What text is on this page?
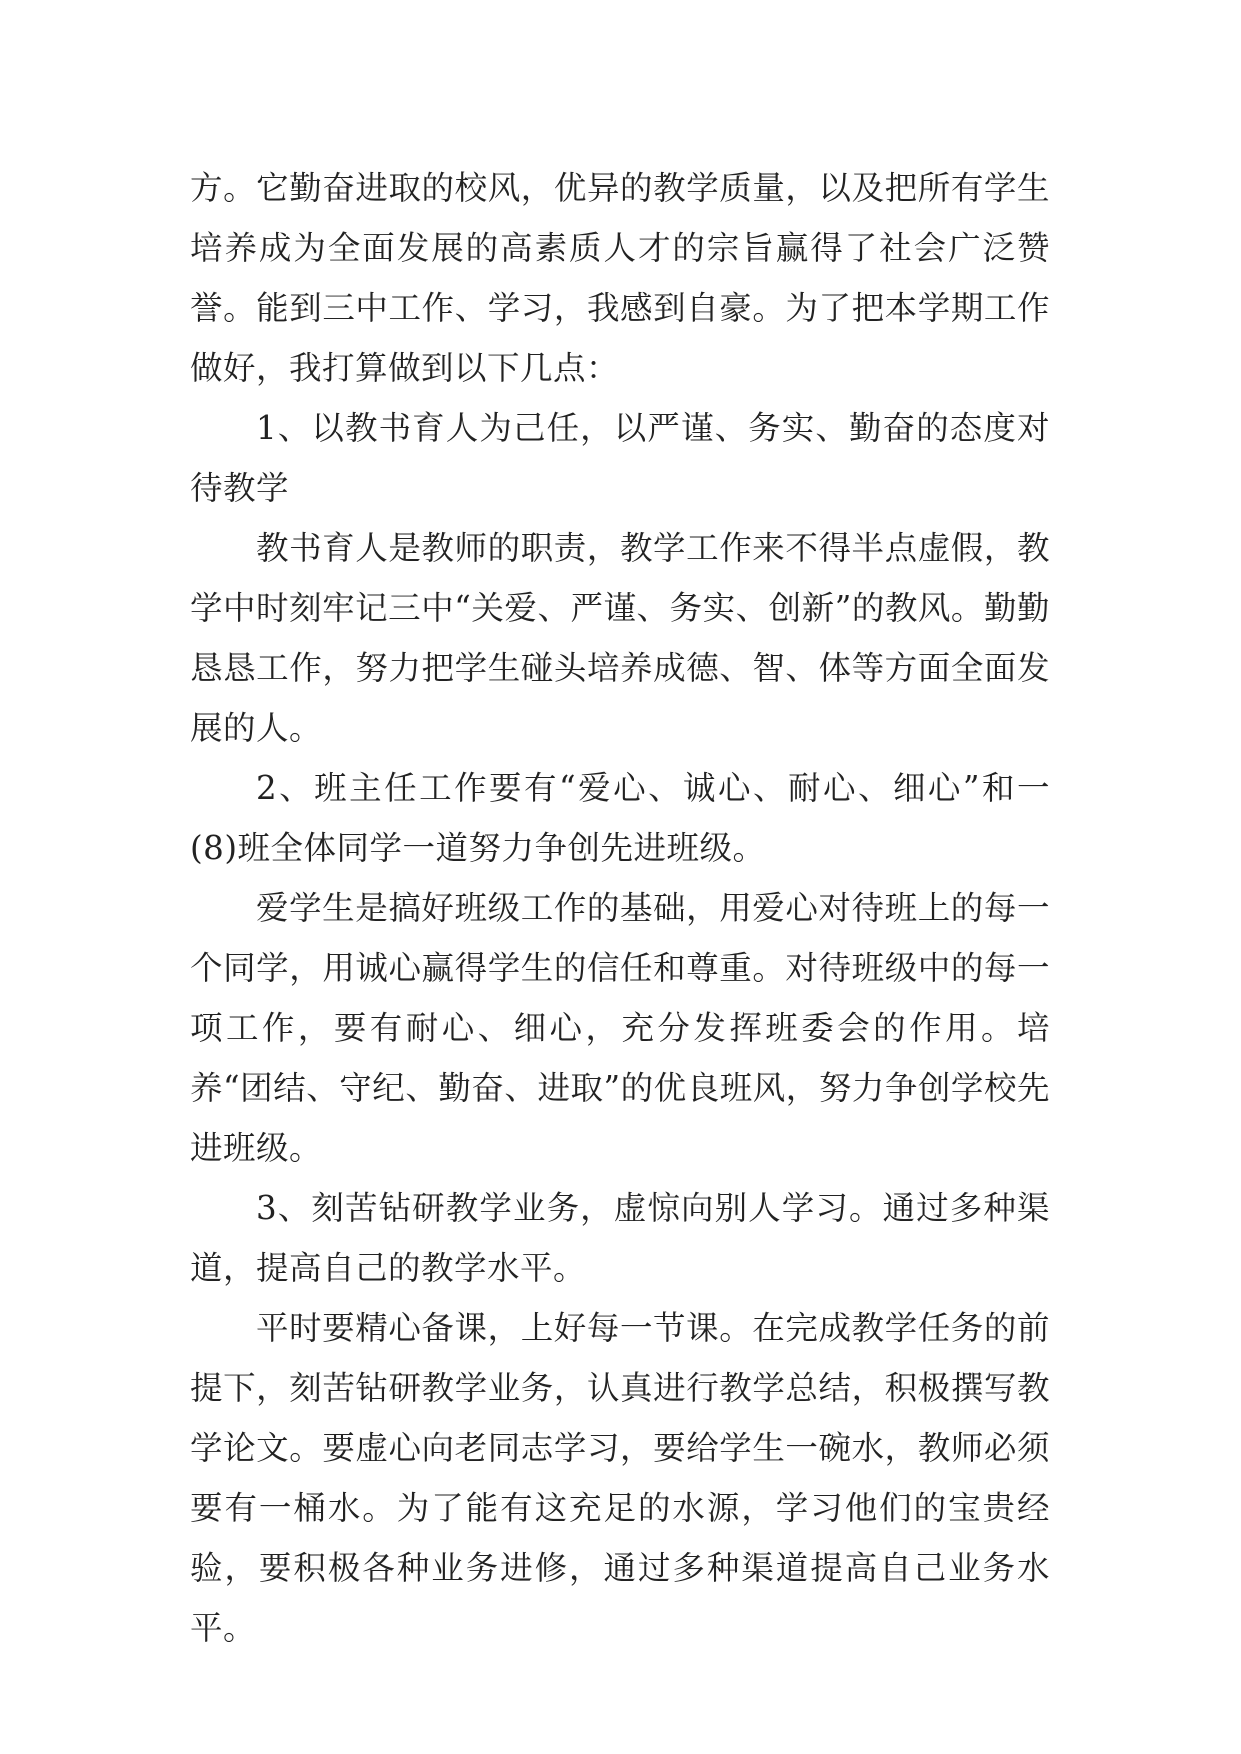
方。它勤奋进取的校风，优异的教学质量，以及把所有学生培养成为全面发展的高素质人才的宗旨赢得了社会广泛赞誉。能到三中工作、学习，我感到自豪。为了把本学期工作做好，我打算做到以下几点：

1、以教书育人为己任，以严谨、务实、勤奋的态度对待教学

教书育人是教师的职责，教学工作来不得半点虚假，教学中时刻牢记三中“关爱、严谨、务实、创新”的教风。勤勤恳恳工作，努力把学生碰头培养成德、智、体等方面全面发展的人。

2、班主任工作要有“爱心、诚心、耐心、细心”和一(8)班全体同学一道努力争创先进班级。

爱学生是搞好班级工作的基础，用爱心对待班上的每一个同学，用诚心赢得学生的信任和尊重。对待班级中的每一项工作，要有耐心、细心，充分发挥班委会的作用。培养“团结、守纪、勤奋、进取”的优良班风，努力争创学校先进班级。

3、刻苦钻研教学业务，虚惊向别人学习。通过多种渠道，提高自己的教学水平。

平时要精心备课，上好每一节课。在完成教学任务的前提下，刻苦钻研教学业务，认真进行教学总结，积极撰写教学论文。要虚心向老同志学习，要给学生一碗水，教师必须要有一桶水。为了能有这充足的水源，学习他们的宝贵经验，要积极各种业务进修，通过多种渠道提高自己业务水平。
